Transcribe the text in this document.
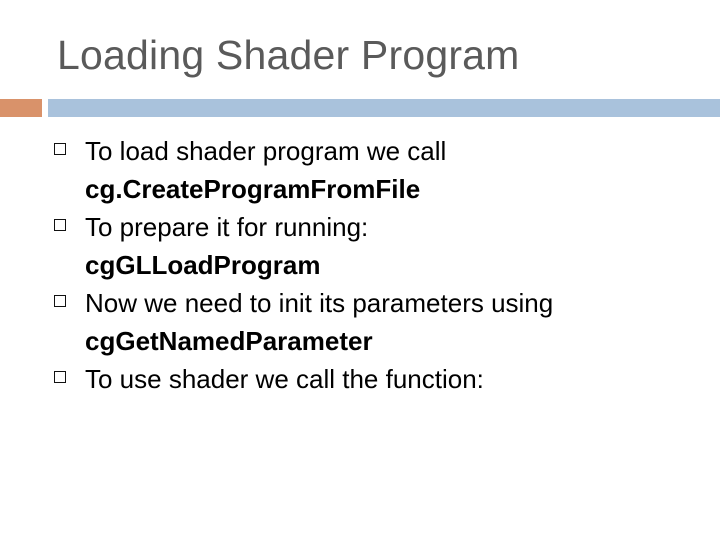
Loading Shader Program
To load shader program we call
cg.CreateProgramFromFile
To prepare it for running:
cgGLLoadProgram
Now we need to init its parameters using
cgGetNamedParameter
To use shader we call the function:
